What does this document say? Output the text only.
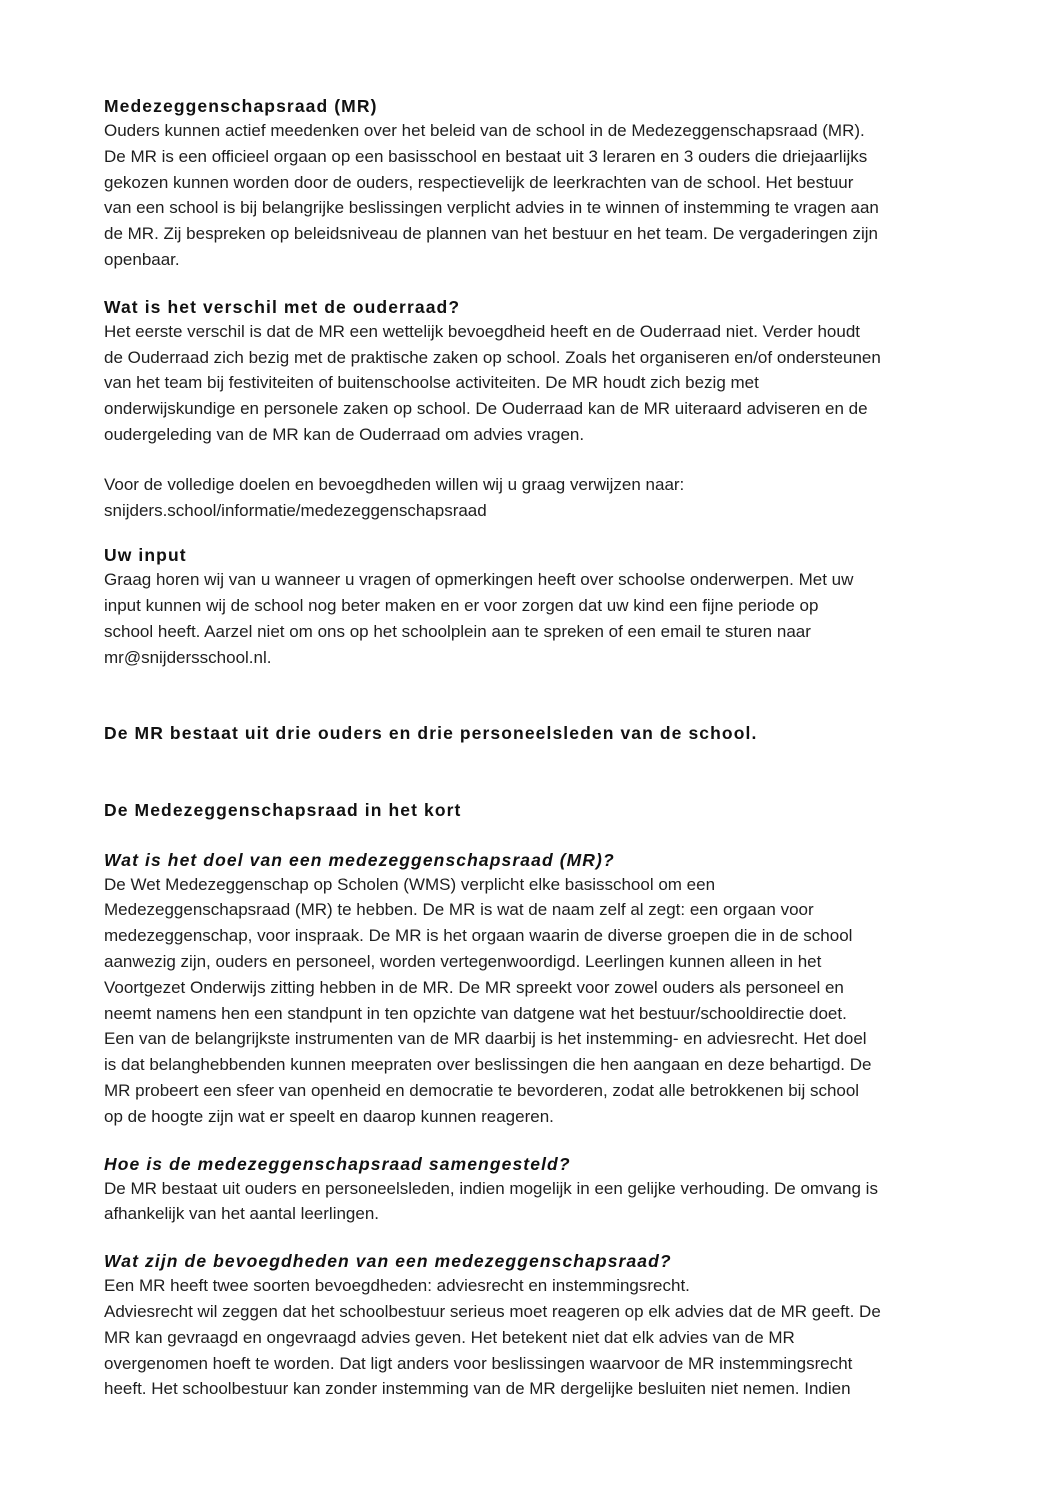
Medezeggenschapsraad (MR)

Ouders kunnen actief meedenken over het beleid van de school in de Medezeggenschapsraad (MR).
De MR is een officieel orgaan op een basisschool en bestaat uit 3 leraren en 3 ouders die driejaarlijks
gekozen kunnen worden door de ouders, respectievelijk de leerkrachten van de school. Het bestuur
van een school is bij belangrijke beslissingen verplicht advies in te winnen of instemming te vragen aan
de MR. Zij bespreken op beleidsniveau de plannen van het bestuur en het team. De vergaderingen zijn
openbaar.

Wat is het verschil met de ouderraad?

Het eerste verschil is dat de MR een wettelijk bevoegdheid heeft en de Ouderraad niet. Verder houdt
de Ouderraad zich bezig met de praktische zaken op school. Zoals het organiseren en/of ondersteunen
van het team bij festiviteiten of buitenschoolse activiteiten. De MR houdt zich bezig met
onderwijskundige en personele zaken op school. De Ouderraad kan de MR uiteraard adviseren en de
oudergeleding van de MR kan de Ouderraad om advies vragen.

Voor de volledige doelen en bevoegdheden willen wij u graag verwijzen naar:
snijders.school/informatie/medezeggenschapsraad

Uw input

Graag horen wij van u wanneer u vragen of opmerkingen heeft over schoolse onderwerpen. Met uw
input kunnen wij de school nog beter maken en er voor zorgen dat uw kind een fijne periode op
school heeft. Aarzel niet om ons op het schoolplein aan te spreken of een email te sturen naar
mr@snijdersschool.nl.

De MR bestaat uit drie ouders en drie personeelsleden van de school.
De Medezeggenschapsraad in het kort
Wat is het doel van een medezeggenschapsraad (MR)?

De Wet Medezeggenschap op Scholen (WMS) verplicht elke basisschool om een
Medezeggenschapsraad (MR) te hebben. De MR is wat de naam zelf al zegt: een orgaan voor
medezeggenschap, voor inspraak. De MR is het orgaan waarin de diverse groepen die in de school
aanwezig zijn, ouders en personeel, worden vertegenwoordigd. Leerlingen kunnen alleen in het
Voortgezet Onderwijs zitting hebben in de MR. De MR spreekt voor zowel ouders als personeel en
neemt namens hen een standpunt in ten opzichte van datgene wat het bestuur/schooldirectie doet.
Een van de belangrijkste instrumenten van de MR daarbij is het instemming- en adviesrecht. Het doel
is dat belanghebbenden kunnen meepraten over beslissingen die hen aangaan en deze behartigd. De
MR probeert een sfeer van openheid en democratie te bevorderen, zodat alle betrokkenen bij school
op de hoogte zijn wat er speelt en daarop kunnen reageren.

Hoe is de medezeggenschapsraad samengesteld?

De MR bestaat uit ouders en personeelsleden, indien mogelijk in een gelijke verhouding. De omvang is
afhankelijk van het aantal leerlingen.

Wat zijn de bevoegdheden van een medezeggenschapsraad?

Een MR heeft twee soorten bevoegdheden: adviesrecht en instemmingsrecht.
Adviesrecht wil zeggen dat het schoolbestuur serieus moet reageren op elk advies dat de MR geeft. De
MR kan gevraagd en ongevraagd advies geven. Het betekent niet dat elk advies van de MR
overgenomen hoeft te worden. Dat ligt anders voor beslissingen waarvoor de MR instemmingsrecht
heeft. Het schoolbestuur kan zonder instemming van de MR dergelijke besluiten niet nemen. Indien
